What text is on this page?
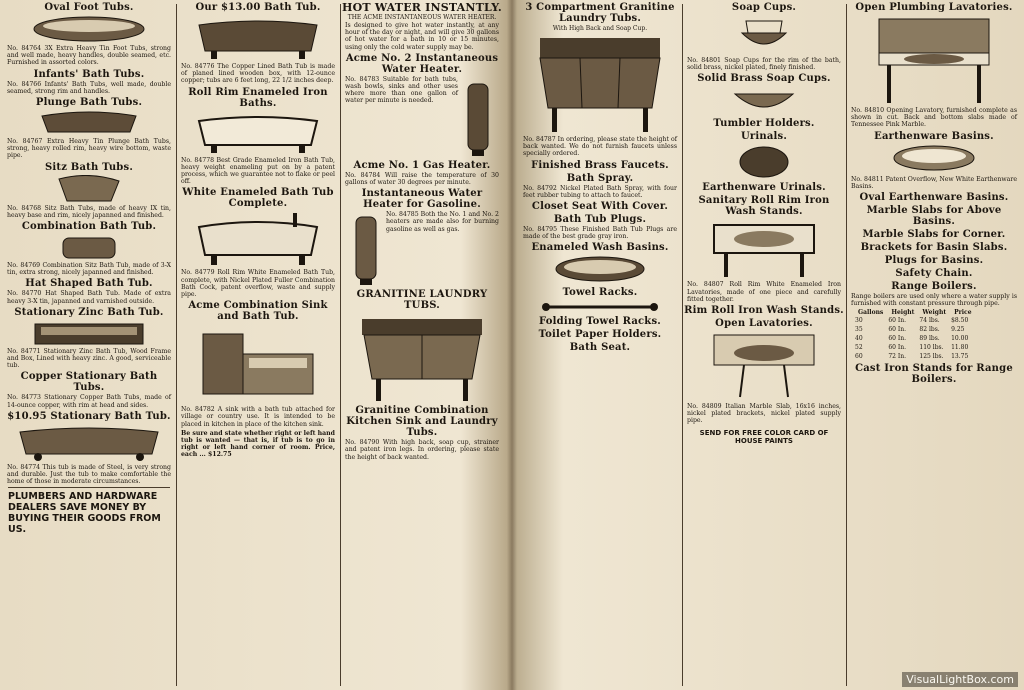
Oval Foot Tubs.
No. 84764 3X Extra Heavy Tin Foot Tubs, strong and well made, heavy handles, double seamed, etc. Furnished in assorted colors.
Infants' Bath Tubs.
No. 84766 Infants' Bath Tubs, well made, double seamed, strong rim and handles.
Plunge Bath Tubs.
No. 84767 Extra Heavy Tin Plunge Bath Tubs, strong, heavy rolled rim, heavy wire bottom, waste pipe.
Sitz Bath Tubs.
No. 84768 Sitz Bath Tubs, made of heavy IX tin, heavy base and rim, nicely japanned and finished.
Combination Bath Tub.
No. 84769 Combination Sitz Bath Tub, made of 3-X tin, extra strong, nicely japanned and finished.
Hat Shaped Bath Tub.
No. 84770 Hat Shaped Bath Tub. Made of extra heavy 3-X tin, japanned and varnished outside.
Stationary Zinc Bath Tub.
No. 84771 Stationary Zinc Bath Tub, Wood Frame and Box, Lined with heavy zinc. A good, serviceable tub.
Copper Stationary Bath Tubs.
No. 84773 Stationary Copper Bath Tubs, made of 14-ounce copper, with rim at head and sides.
$10.95 Stationary Bath Tub.
No. 84774 This tub is made of Steel, is very strong and durable. Just the tub to make comfortable the home of those in moderate circumstances.
PLUMBERS AND HARDWARE DEALERS SAVE MONEY BY BUYING THEIR GOODS FROM US.
Our $13.00 Bath Tub.
No. 84776 The Copper Lined Bath Tub is made of planed lined wooden box, with 12-ounce copper; tubs are 6 feet long, 22 1/2 inches deep.
Roll Rim Enameled Iron Baths.
No. 84778 Best Grade Enameled Iron Bath Tub, heavy weight enameling put on by a patent process, which we guarantee not to flake or peel off.
White Enameled Bath Tub Complete.
No. 84779 Roll Rim White Enameled Bath Tub, complete, with Nickel Plated Fuller Combination Bath Cock, patent overflow, waste and supply pipe.
Acme Combination Sink and Bath Tub.
No. 84782 A sink with a bath tub attached for village or country use. It is intended to be placed in kitchen in place of the kitchen sink.
Be sure and state whether right or left hand tub is wanted — that is, if tub is to go in right or left hand corner of room. Price, each ... $12.75
HOT WATER INSTANTLY.
THE ACME INSTANTANEOUS WATER HEATER.
Is designed to give hot water instantly, at any hour of the day or night, and will give 30 gallons of hot water for a bath in 10 or 15 minutes, using only the cold water supply may be.
Acme No. 2 Instantaneous Water Heater.
No. 84783 Suitable for bath tubs, wash bowls, sinks and other uses where more than one gallon of water per minute is needed.
Acme No. 1 Gas Heater.
No. 84784 Will raise the temperature of 30 gallons of water 30 degrees per minute.
Instantaneous Water Heater for Gasoline.
No. 84785 Both the No. 1 and No. 2 heaters are made also for burning gasoline as well as gas.
GRANITINE LAUNDRY TUBS.
Granitine Combination Kitchen Sink and Laundry Tubs.
No. 84790 With high back, soap cup, strainer and patent iron legs. In ordering, please state the height of back wanted.
3 Compartment Granitine Laundry Tubs.
With High Back and Soap Cup.
No. 84787 In ordering, please state the height of back wanted. We do not furnish faucets unless specially ordered.
Finished Brass Faucets.
Bath Spray.
No. 84792 Nickel Plated Bath Spray, with four feet rubber tubing to attach to faucet.
Closet Seat With Cover.
Bath Tub Plugs.
No. 84795 These Finished Bath Tub Plugs are made of the best grade gray iron.
Enameled Wash Basins.
Towel Racks.
Folding Towel Racks.
Toilet Paper Holders.
Bath Seat.
Soap Cups.
No. 84801 Soap Cups for the rim of the bath, solid brass, nickel plated, finely finished.
Solid Brass Soap Cups.
Tumbler Holders.
Urinals.
Earthenware Urinals.
Sanitary Roll Rim Iron Wash Stands.
No. 84807 Roll Rim White Enameled Iron Lavatories, made of one piece and carefully fitted together.
Rim Roll Iron Wash Stands.
Open Lavatories.
No. 84809 Italian Marble Slab, 16x16 inches, nickel plated brackets, nickel plated supply pipe.
SEND FOR FREE COLOR CARD OF HOUSE PAINTS
Open Plumbing Lavatories.
No. 84810 Opening Lavatory, furnished complete as shown in cut. Back and bottom slabs made of Tennessee Pink Marble.
Earthenware Basins.
No. 84811 Patent Overflow, New White Earthenware Basins.
Oval Earthenware Basins.
Marble Slabs for Above Basins.
Marble Slabs for Corner.
Brackets for Basin Slabs.
Plugs for Basins.
Safety Chain.
Range Boilers.
Range boilers are used only where a water supply is furnished with constant pressure through pipe.
Gallons	Height	Weight	Price
30	60 In.	74 lbs.	$8.50
35	60 In.	82 lbs.	9.25
40	60 In.	89 lbs.	10.00
52	60 In.	110 lbs.	11.80
60	72 In.	125 lbs.	13.75
Cast Iron Stands for Range Boilers.
VisualLightBox.com
